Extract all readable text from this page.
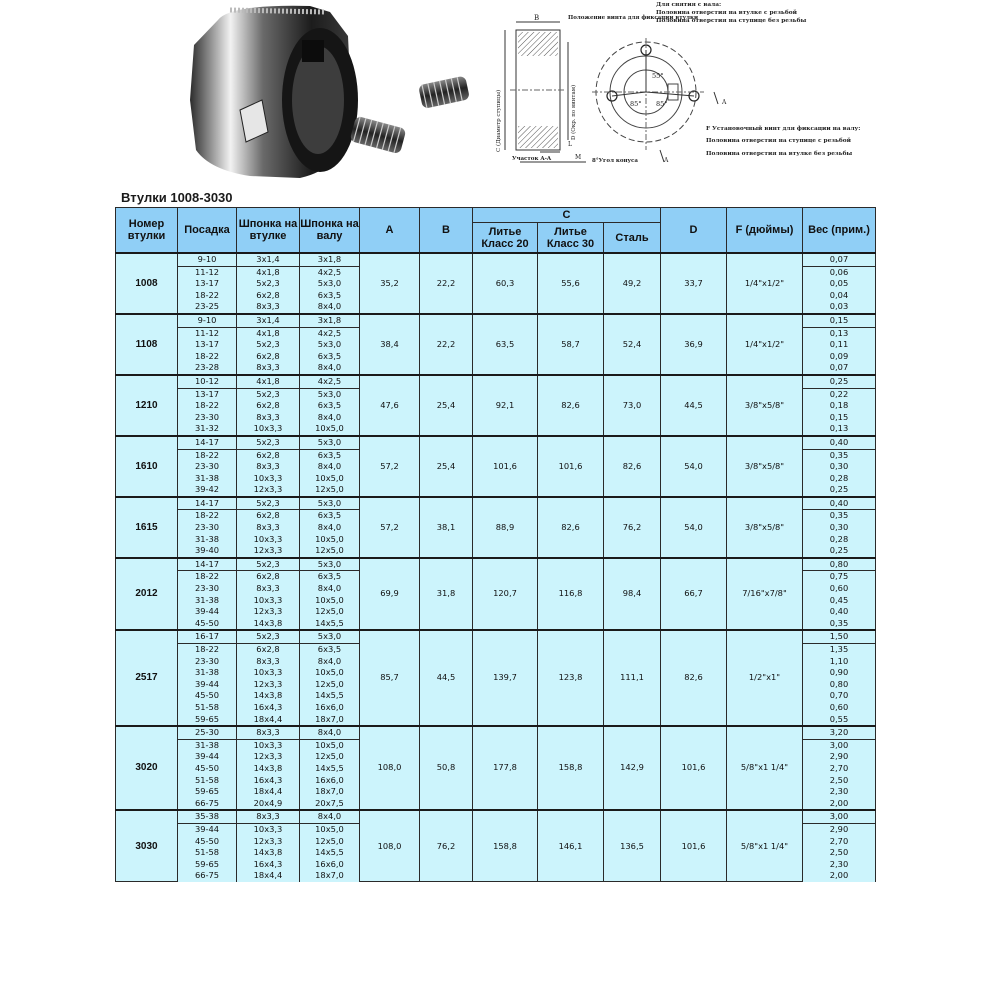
B	Положение винта для фиксации втулки
C (Диаметр ступицы)	D (Окр. по винтам)
L
M
Участок A-A	8°Угол конуса
55°
85° 85°	A
A
Для снятия с вала:
Половина отверстия на втулке с резьбой
Половина отверстия на ступице без резьбы
F Установочный винт для фиксации на валу:
Половина отверстия на ступице с резьбой
Половина отверстия на втулке без резьбы
Втулки 1008-3030
Номер втулки	Посадка	Шпонка на втулке	Шпонка на валу	A	B	C			D	F (дюймы)	Вес (прим.)
						Литье Класс 20	Литье Класс 30	Сталь			
1008	9-10	3x1,4	3x1,8	35,2	22,2	60,3	55,6	49,2	33,7	1/4"x1/2"	0,07
	11-12	4x1,8	4x2,5								0,06
	13-17	5x2,3	5x3,0								0,05
	18-22	6x2,8	6x3,5								0,04
	23-25	8x3,3	8x4,0								0,03
1108	9-10	3x1,4	3x1,8	38,4	22,2	63,5	58,7	52,4	36,9	1/4"x1/2"	0,15
	11-12	4x1,8	4x2,5								0,13
	13-17	5x2,3	5x3,0								0,11
	18-22	6x2,8	6x3,5								0,09
	23-28	8x3,3	8x4,0								0,07
1210	10-12	4x1,8	4x2,5	47,6	25,4	92,1	82,6	73,0	44,5	3/8"x5/8"	0,25
	13-17	5x2,3	5x3,0								0,22
	18-22	6x2,8	6x3,5								0,18
	23-30	8x3,3	8x4,0								0,15
	31-32	10x3,3	10x5,0								0,13
1610	14-17	5x2,3	5x3,0	57,2	25,4	101,6	101,6	82,6	54,0	3/8"x5/8"	0,40
	18-22	6x2,8	6x3,5								0,35
	23-30	8x3,3	8x4,0								0,30
	31-38	10x3,3	10x5,0								0,28
	39-42	12x3,3	12x5,0								0,25
1615	14-17	5x2,3	5x3,0	57,2	38,1	88,9	82,6	76,2	54,0	3/8"x5/8"	0,40
	18-22	6x2,8	6x3,5								0,35
	23-30	8x3,3	8x4,0								0,30
	31-38	10x3,3	10x5,0								0,28
	39-40	12x3,3	12x5,0								0,25
2012	14-17	5x2,3	5x3,0	69,9	31,8	120,7	116,8	98,4	66,7	7/16"x7/8"	0,80
	18-22	6x2,8	6x3,5								0,75
	23-30	8x3,3	8x4,0								0,60
	31-38	10x3,3	10x5,0								0,45
	39-44	12x3,3	12x5,0								0,40
	45-50	14x3,8	14x5,5								0,35
2517	16-17	5x2,3	5x3,0	85,7	44,5	139,7	123,8	111,1	82,6	1/2"x1"	1,50
	18-22	6x2,8	6x3,5								1,35
	23-30	8x3,3	8x4,0								1,10
	31-38	10x3,3	10x5,0								0,90
	39-44	12x3,3	12x5,0								0,80
	45-50	14x3,8	14x5,5								0,70
	51-58	16x4,3	16x6,0								0,60
	59-65	18x4,4	18x7,0								0,55
3020	25-30	8x3,3	8x4,0	108,0	50,8	177,8	158,8	142,9	101,6	5/8"x1 1/4"	3,20
	31-38	10x3,3	10x5,0								3,00
	39-44	12x3,3	12x5,0								2,90
	45-50	14x3,8	14x5,5								2,70
	51-58	16x4,3	16x6,0								2,50
	59-65	18x4,4	18x7,0								2,30
	66-75	20x4,9	20x7,5								2,00
3030	35-38	8x3,3	8x4,0	108,0	76,2	158,8	146,1	136,5	101,6	5/8"x1 1/4"	3,00
	39-44	10x3,3	10x5,0								2,90
	45-50	12x3,3	12x5,0								2,70
	51-58	14x3,8	14x5,5								2,50
	59-65	16x4,3	16x6,0								2,30
	66-75	18x4,4	18x7,0								2,00
